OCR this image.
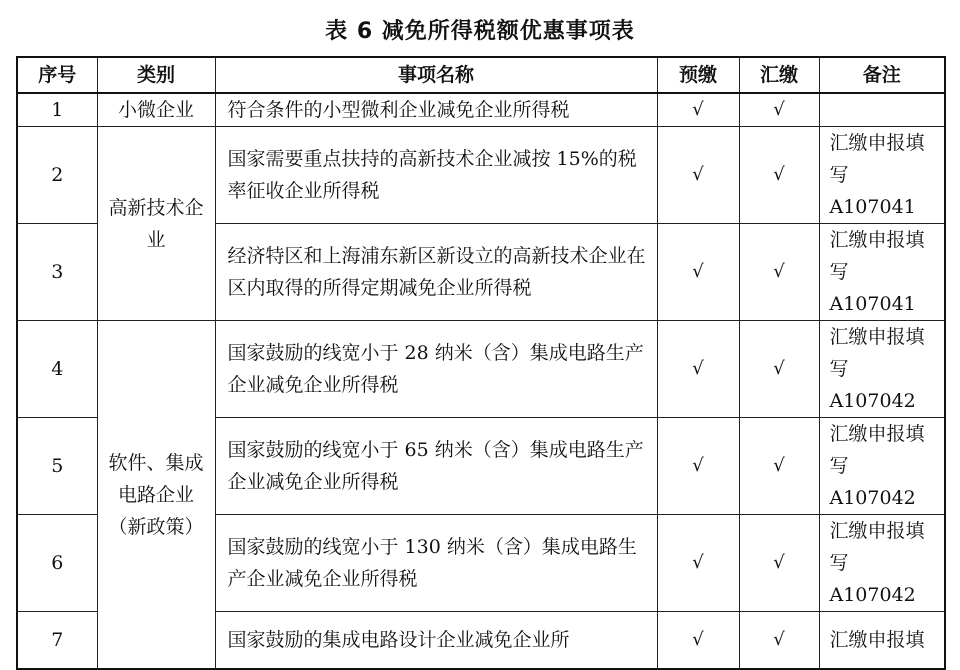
表 6 减免所得税额优惠事项表
序号	类别	事项名称	预缴	汇缴	备注
1	小微企业	符合条件的小型微利企业减免企业所得税	√	√	
2	高新技术企业	国家需要重点扶持的高新技术企业减按 15%的税率征收企业所得税	√	√	汇缴申报填写 A107041
3		经济特区和上海浦东新区新设立的高新技术企业在区内取得的所得定期减免企业所得税	√	√	汇缴申报填写 A107041
4	软件、集成电路企业（新政策）	国家鼓励的线宽小于 28 纳米（含）集成电路生产企业减免企业所得税	√	√	汇缴申报填写 A107042
5		国家鼓励的线宽小于 65 纳米（含）集成电路生产企业减免企业所得税	√	√	汇缴申报填写 A107042
6		国家鼓励的线宽小于 130 纳米（含）集成电路生产企业减免企业所得税	√	√	汇缴申报填写 A107042
7		国家鼓励的集成电路设计企业减免企业所	√	√	汇缴申报填
